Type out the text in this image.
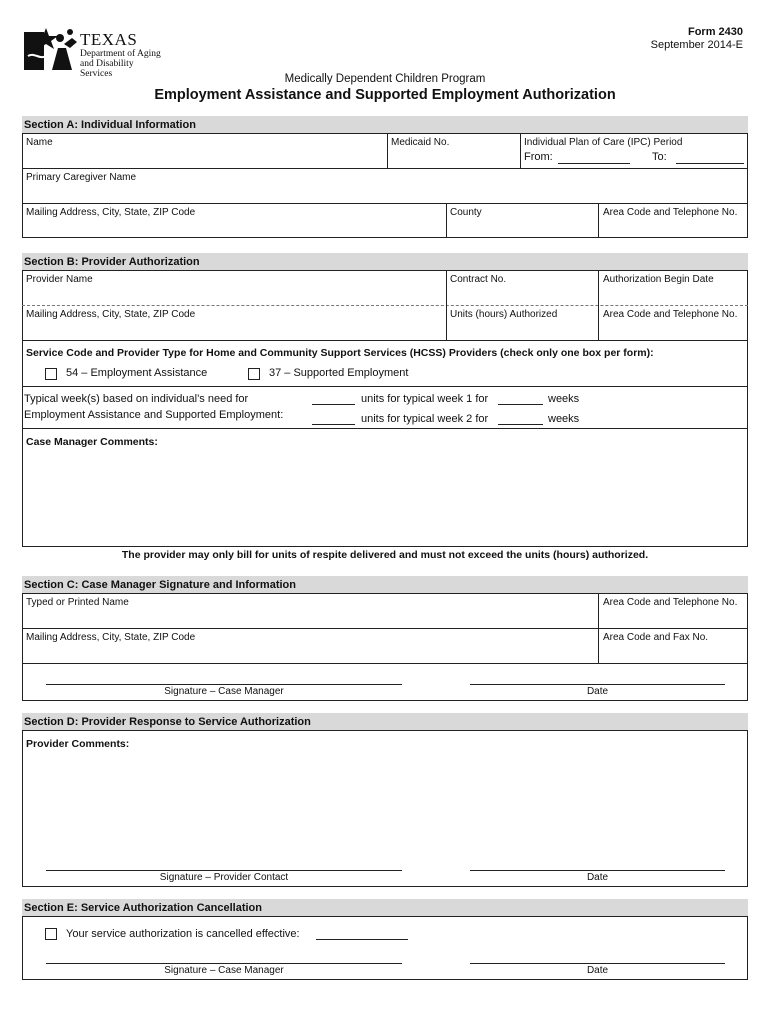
TEXAS
Department of Aging
and Disability Services
Form 2430
September 2014-E
Medically Dependent Children Program
Employment Assistance and Supported Employment Authorization
Section A: Individual Information
Name	Medicaid No.	Individual Plan of Care (IPC) Period
From:	To:
Primary Caregiver Name
Mailing Address, City, State, ZIP Code	County	Area Code and Telephone No.
Section B: Provider Authorization
Provider Name	Contract No.	Authorization Begin Date
Mailing Address, City, State, ZIP Code	Units (hours) Authorized	Area Code and Telephone No.
Service Code and Provider Type for Home and Community Support Services (HCSS) Providers (check only one box per form):
54 – Employment Assistance	37 – Supported Employment
Typical week(s) based on individual’s need for
Employment Assistance and Supported Employment:
units for typical week 1 for	weeks
units for typical week 2 for	weeks
Case Manager Comments:
The provider may only bill for units of respite delivered and must not exceed the units (hours) authorized.
Section C: Case Manager Signature and Information
Typed or Printed Name	Area Code and Telephone No.
Mailing Address, City, State, ZIP Code	Area Code and Fax No.
Signature – Case Manager	Date
Section D: Provider Response to Service Authorization
Provider Comments:
Signature – Provider Contact	Date
Section E: Service Authorization Cancellation
Your service authorization is cancelled effective:
Signature – Case Manager	Date
